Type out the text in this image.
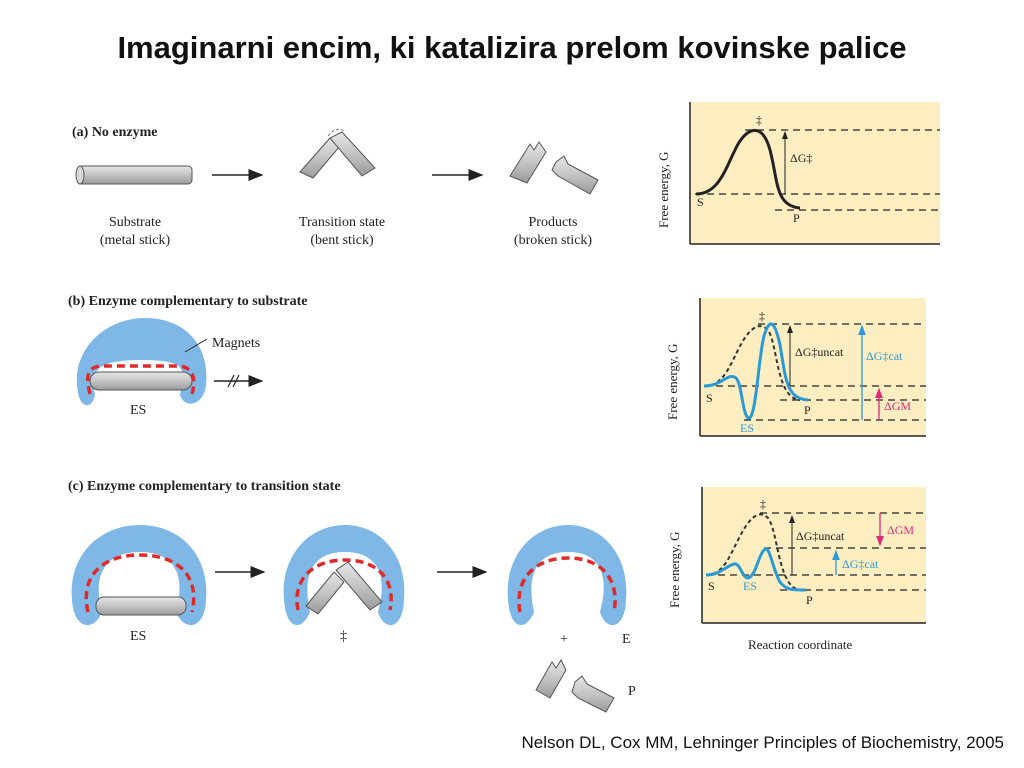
Imaginarni encim, ki katalizira prelom kovinske palice
(a) No enzyme
Substrate
(metal stick)
Transition state
(bent stick)
Products
(broken stick)
‡
ΔG‡
S
P
Free energy, G
(b) Enzyme complementary to substrate
Magnets
ES
‡
ΔG‡uncat ΔG‡cat
ΔGM
S
P
ES
Free energy, G
(c) Enzyme complementary to transition state
ES	‡	+	E
P
‡
ΔG‡uncat
ΔG‡cat
ΔGM
S ES
P
Free energy, G
Reaction coordinate
Nelson DL, Cox MM, Lehninger Principles of Biochemistry, 2005
